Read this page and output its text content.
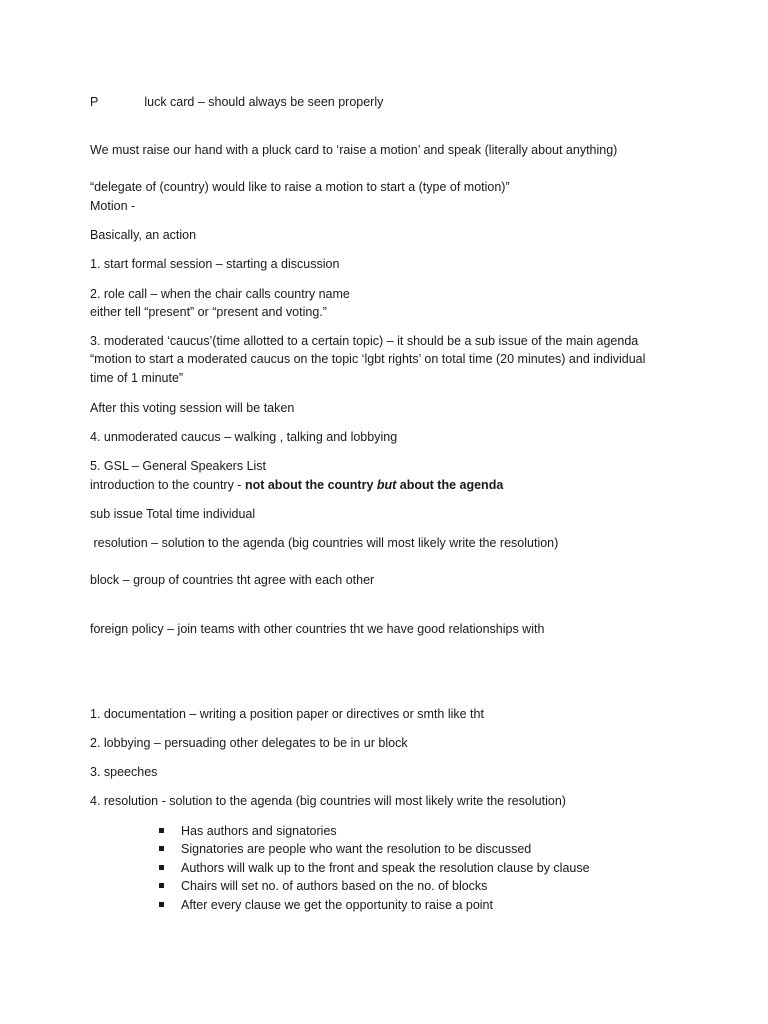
P	luck card – should always be seen properly
We must raise our hand with a pluck card to ‘raise a motion’ and speak (literally about anything)
“delegate of (country) would like to raise a motion to start a (type of motion)”
Motion -
Basically, an action
1. start formal session – starting a discussion
2. role call – when the chair calls country name
either tell “present” or “present and voting.”
3. moderated ‘caucus’(time allotted to a certain topic) – it should be a sub issue of the main agenda
“motion to start a moderated caucus on the topic ‘lgbt rights’ on total time (20 minutes) and individual
time of 1 minute”
After this voting session will be taken
4. unmoderated caucus – walking , talking and lobbying
5. GSL – General Speakers List
introduction to the country - not about the country but about the agenda
sub issue Total time individual
resolution – solution to the agenda (big countries will most likely write the resolution)
block – group of countries tht agree with each other
foreign policy – join teams with other countries tht we have good relationships with
1. documentation – writing a position paper or directives or smth like tht
2. lobbying – persuading other delegates to be in ur block
3. speeches
4. resolution - solution to the agenda (big countries will most likely write the resolution)
Has authors and signatories
Signatories are people who want the resolution to be discussed
Authors will walk up to the front and speak the resolution clause by clause
Chairs will set no. of authors based on the no. of blocks
After every clause we get the opportunity to raise a point
